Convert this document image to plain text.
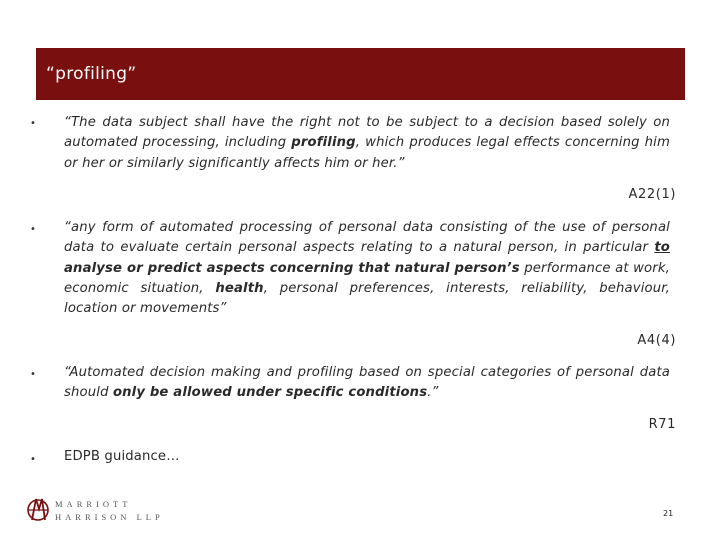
“profiling”
• “The data subject shall have the right not to be subject to a decision based solely on automated processing, including profiling, which produces legal effects concerning him or her or similarly significantly affects him or her.”
A22(1)
• “any form of automated processing of personal data consisting of the use of personal data to evaluate certain personal aspects relating to a natural person, in particular to analyse or predict aspects concerning that natural person’s performance at work, economic situation, health, personal preferences, interests, reliability, behaviour, location or movements”
A4(4)
• “Automated decision making and profiling based on special categories of personal data should only be allowed under specific conditions.”
R71
• EDPB guidance…
MARRIOTT
HARRISON LLP	21
